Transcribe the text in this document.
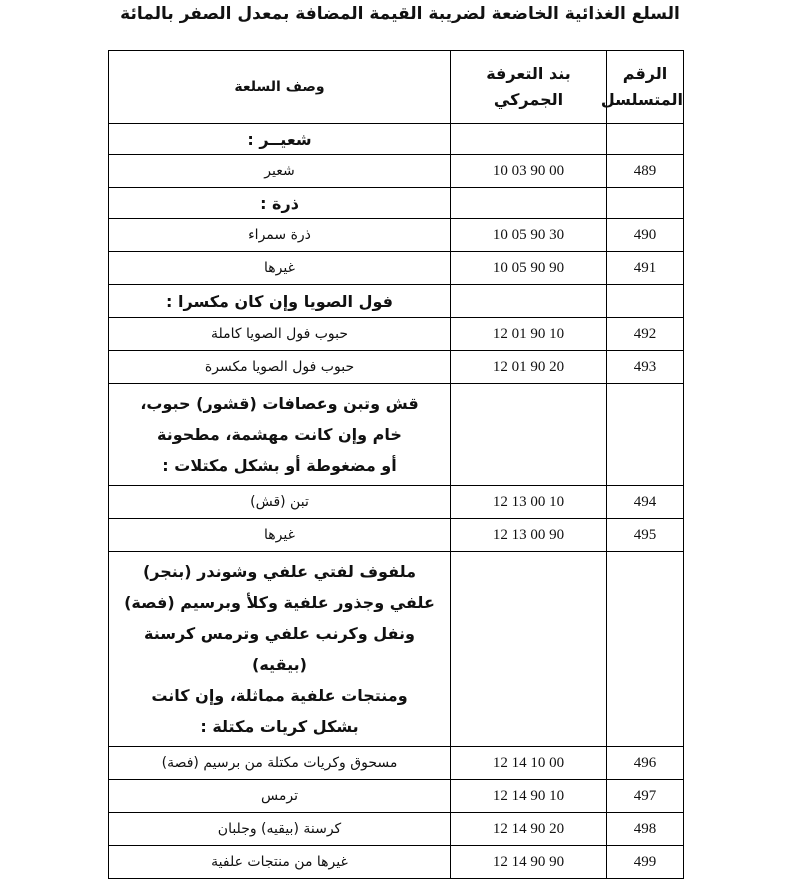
السلع الغذائية الخاضعة لضريبة القيمة المضافة بمعدل الصفر بالمائة
الرقم المتسلسل	بند التعرفة الجمركي	وصف السلعة
		شعيــر :
489	10 03 90 00	شعير
		ذرة :
490	10 05 90 30	ذرة سمراء
491	10 05 90 90	غيرها
		فول الصويا وإن كان مكسرا :
492	12 01 90 10	حبوب فول الصويا كاملة
493	12 01 90 20	حبوب فول الصويا مكسرة
		قش وتبن وعصافات (قشور) حبوب،
خام وإن كانت مهشمة، مطحونة
أو مضغوطة أو بشكل مكتلات :
494	12 13 00 10	تبن (قش)
495	12 13 00 90	غيرها
		ملفوف لفتي علفي وشوندر (بنجر)
علفي وجذور علفية وكلأ وبرسيم (فصة)
ونفل وكرنب علفي وترمس كرسنة (بيقيه)
ومنتجات علفية مماثلة، وإن كانت
بشكل كريات مكتلة :
496	12 14 10 00	مسحوق وكريات مكتلة من برسيم (فصة)
497	12 14 90 10	ترمس
498	12 14 90 20	كرسنة (بيقيه) وجلبان
499	12 14 90 90	غيرها من منتجات علفية
